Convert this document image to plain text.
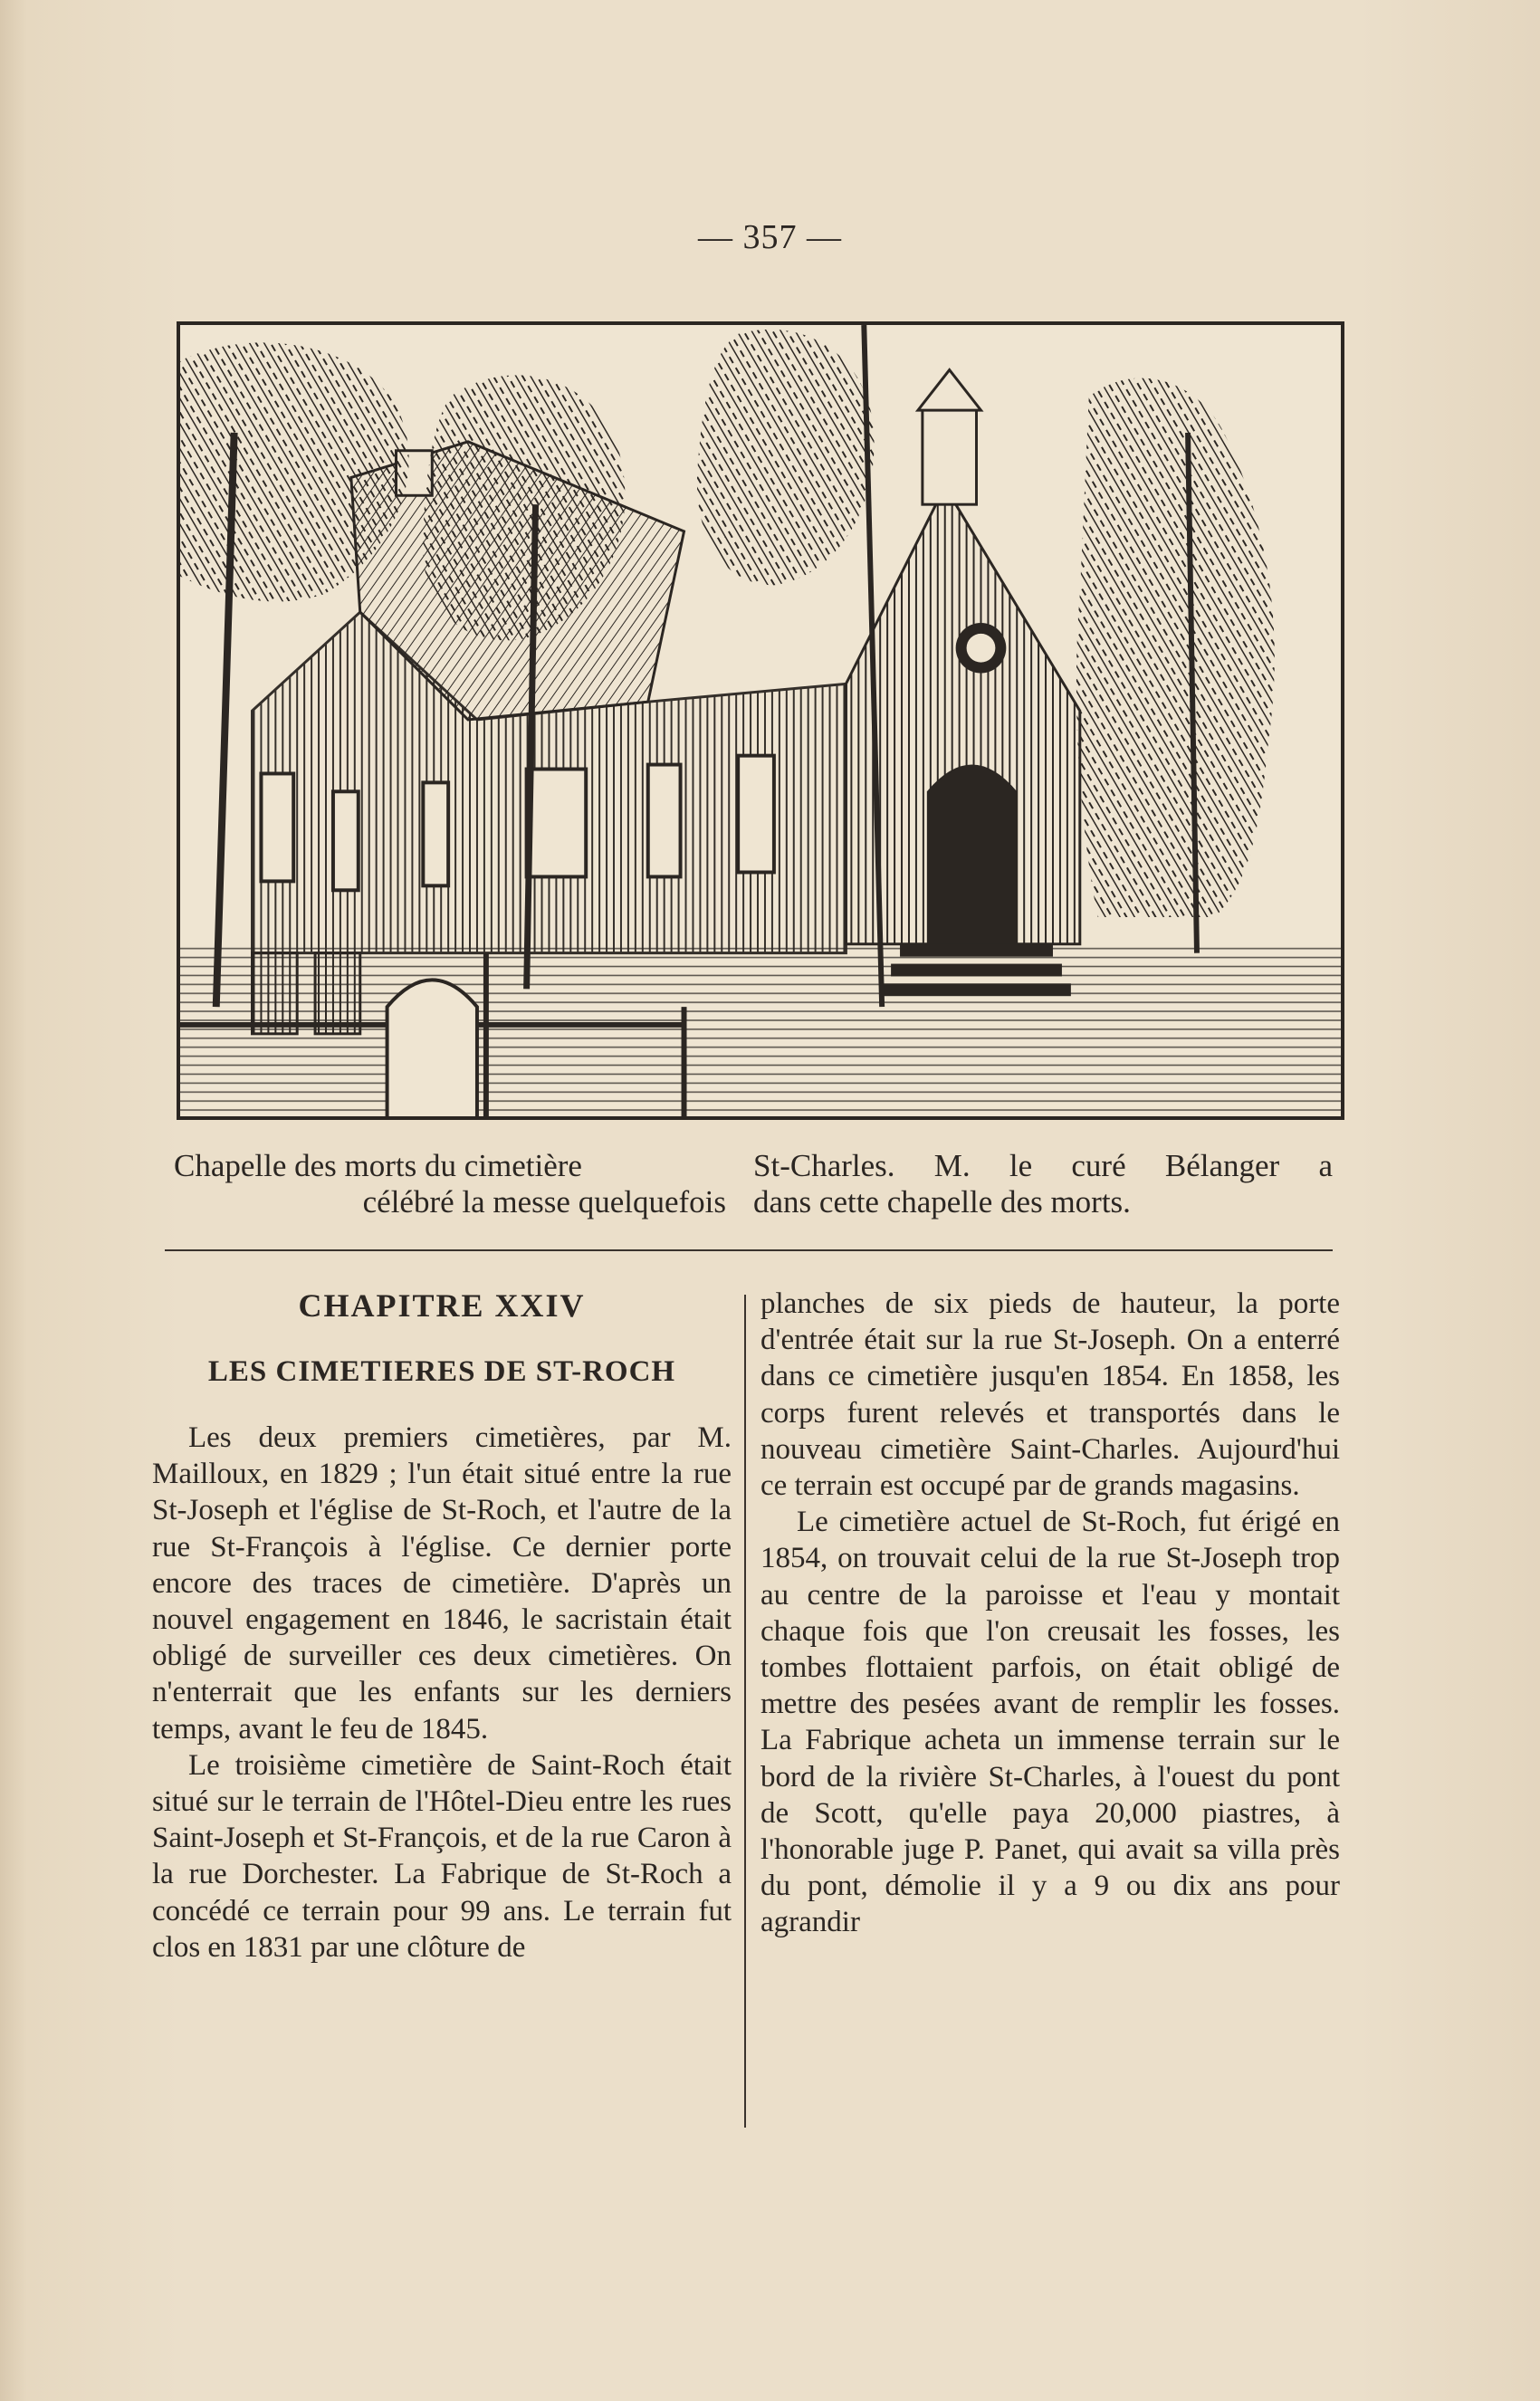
— 357 —
Chapelle des morts du cimetière
célébré la messe quelquefois
St-Charles. M. le curé Bélanger a
dans cette chapelle des morts.
CHAPITRE XXIV
LES CIMETIERES DE ST-ROCH

Les deux premiers cimetières, par M. Mailloux, en 1829 ; l'un était situé entre la rue St-Joseph et l'église de St-Roch, et l'autre de la rue St-François à l'église. Ce dernier porte encore des traces de cimetière. D'après un nouvel engagement en 1846, le sacristain était obligé de surveiller ces deux cimetières. On n'enterrait que les enfants sur les derniers temps, avant le feu de 1845.

Le troisième cimetière de Saint-Roch était situé sur le terrain de l'Hôtel-Dieu entre les rues Saint-Joseph et St-François, et de la rue Caron à la rue Dorchester. La Fabrique de St-Roch a concédé ce terrain pour 99 ans. Le terrain fut clos en 1831 par une clôture de

planches de six pieds de hauteur, la porte d'entrée était sur la rue St-Joseph. On a enterré dans ce cimetière jusqu'en 1854. En 1858, les corps furent relevés et transportés dans le nouveau cimetière Saint-Charles. Aujourd'hui ce terrain est occupé par de grands magasins.

Le cimetière actuel de St-Roch, fut érigé en 1854, on trouvait celui de la rue St-Joseph trop au centre de la paroisse et l'eau y montait chaque fois que l'on creusait les fosses, les tombes flottaient parfois, on était obligé de mettre des pesées avant de remplir les fosses. La Fabrique acheta un immense terrain sur le bord de la rivière St-Charles, à l'ouest du pont de Scott, qu'elle paya 20,000 piastres, à l'honorable juge P. Panet, qui avait sa villa près du pont, démolie il y a 9 ou dix ans pour agrandir
